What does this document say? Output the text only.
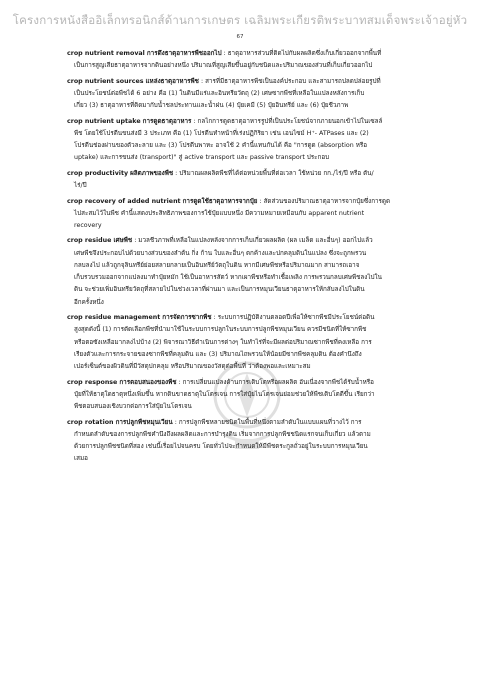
โครงการหนังสืออิเล็กทรอนิกส์ด้านการเกษตร เฉลิมพระเกียรติพระบาทสมเด็จพระเจ้าอยู่หัว
67
crop nutrient removal การดึงธาตุอาหารพืชออกไป : ธาตุอาหารส่วนที่ติดไปกับผลผลิตซึ่งเก็บเกี่ยวออกจากพื้นที่
เป็นการสูญเสียธาตุอาหารจากดินอย่างหนึ่ง ปริมาณที่สูญเสียขึ้นอยู่กับชนิดและปริมาณของส่วนที่เก็บเกี่ยวออกไป
crop nutrient sources แหล่งธาตุอาหารพืช : สารที่มีธาตุอาหารพืชเป็นองค์ประกอบ และสามารถปลดปล่อยรูปที่
เป็นประโยชน์ต่อพืชได้ 6 อย่าง คือ (1) ในดินมีแร่และอินทรียวัตถุ (2) เศษซากพืชที่เหลือในแปลงหลังการเก็บ
เกี่ยว (3) ธาตุอาหารที่ติดมากับน้ำชลประทานและน้ำฝน (4) ปุ๋ยเคมี (5) ปุ๋ยอินทรีย์ และ (6) ปุ๋ยชีวภาพ
crop nutrient uptake การดูดธาตุอาหาร : กลไกการดูดธาตุอาหารรูปที่เป็นประโยชน์จากภายนอกเข้าไปในเซลล์
พืช โดยใช้โปรตีนขนส่งมี 3 ประเภท คือ (1) โปรตีนทำหน้าที่เร่งปฏิกิริยา เช่น เอนไซม์ H⁺- ATPases และ (2)
โปรตีนช่องผ่านของตัวละลาย และ (3) โปรตีนพาหะ อาจใช้ 2 คำนี้แทนกันได้ คือ "การดูด (absorption หรือ
uptake) และการขนส่ง (transport)" สู่ active transport และ passive transport ประกอบ
crop productivity ผลิตภาพของพืช : ปริมาณผลผลิตพืชที่ได้ต่อหน่วยพื้นที่ต่อเวลา ใช้หน่วย กก./ไร่/ปี หรือ ตัน/
ไร่/ปี
crop recovery of added nutrient การดูดใช้ธาตุอาหารจากปุ๋ย : สัดส่วนของปริมาณธาตุอาหารจากปุ๋ยซึ่งการดูด
ไปสะสมไว้ในพืช คำนี้แสดงประสิทธิภาพของการใช้ปุ๋ยแบบหนึ่ง มีความหมายเหมือนกับ apparent nutrient
recovery
crop residue เศษพืช : มวลชีวภาพที่เหลือในแปลงหลังจากการเก็บเกี่ยวผลผลิต (ผล เมล็ด และอื่นๆ) ออกไปแล้ว
เศษพืชจึงประกอบไปด้วยบางส่วนของลำต้น กิ่ง ก้าน ใบและอื่นๆ ตกค้างและปกคลุมดินในแปลง ซึ่งจะถูกพรวน
กลบลงไป แล้วถูกจุลินทรีย์ย่อยสลายกลายเป็นอินทรีย์วัตถุในดิน หากมีเศษพืชหรือปริมาณมาก สามารถเอาจ
เก็บรวบรวมออกจากแปลงมาทำปุ๋ยหมัก ใช้เป็นอาหารสัตว์ หากเผาพืชหรือทำเชื้อเพลิง การพรวนกลบเศษพืชลงไปใน
ดิน จะช่วยเพิ่มอินทรียวัตถุที่สลายไปในช่วงเวลาที่ผ่านมา และเป็นการหมุนเวียนธาตุอาหารให้กลับลงไปในดิน
อีกครั้งหนึ่ง
crop residue management การจัดการซากพืช : ระบบการปฏิบัติงานตลอดปีเพื่อให้ซากพืชมีประโยชน์ต่อดิน
สูงสุดดังนี้ (1) การตัดเลือกพืชที่นำมาใช้ในระบบการปลูกในระบบการปลูกพืชหมุนเวียน ควรมีชนิดที่ให้ซากพืช
หรือตอซังเหลือมากลงไปบ้าง (2) พิจารณาวิธีดำเนินการต่างๆ ในทำไร่ที่จะมีผลต่อปริมาณซากพืชที่คงเหลือ การ
เรียงตัวและการกระจายของซากพืชที่คลุมดิน และ (3) ปริมาณไถพรวนให้น้อยมีซากพืชคลุมดิน ต้องคำนึงถึง
เปอร์เซ็นต์ของผิวดินที่มีวัสดุปกคลุม หรือปริมาณของวัสดุต่อพื้นที่ ว่าต้องพอและเหมาะสม
crop response การตอบสนองของพืช : การเปลี่ยนแปลงด้านการเติบโตหรือผลผลิต อันเนื่องจากพืชได้รับน้ำหรือ
ปุ๋ยที่ให้ธาตุใดธาตุหนึ่งเพิ่มขึ้น หากดินขาดธาตุในโตรเจน การใส่ปุ๋ยไนโตรเจนย่อมช่วยให้พืชเติบโตดีขึ้น เรียกว่า
พืชตอบสนองเชิงบวกต่อการใส่ปุ๋ยไนโตรเจน
crop rotation การปลูกพืชหมุนเวียน : การปลูกพืชหลายชนิดในพื้นที่หนึ่งตามลำดับในแบบแผนที่วางไว้ การ
กำหนดลำดับของการปลูกพืชคำนึงถึงผลผลิตและการบำรุงดิน เริ่มจากการปลูกพืชชนิดแรกจนเก็บเกี่ยว แล้วตาม
ด้วยการปลูกพืชชนิดที่สอง เช่นนี้เรื่อยไปจนครบ โดยทั่วไปจะกำหนดให้มีพืชตระกูลถั่วอยู่ในระบบการหมุนเวียน
เสมอ
